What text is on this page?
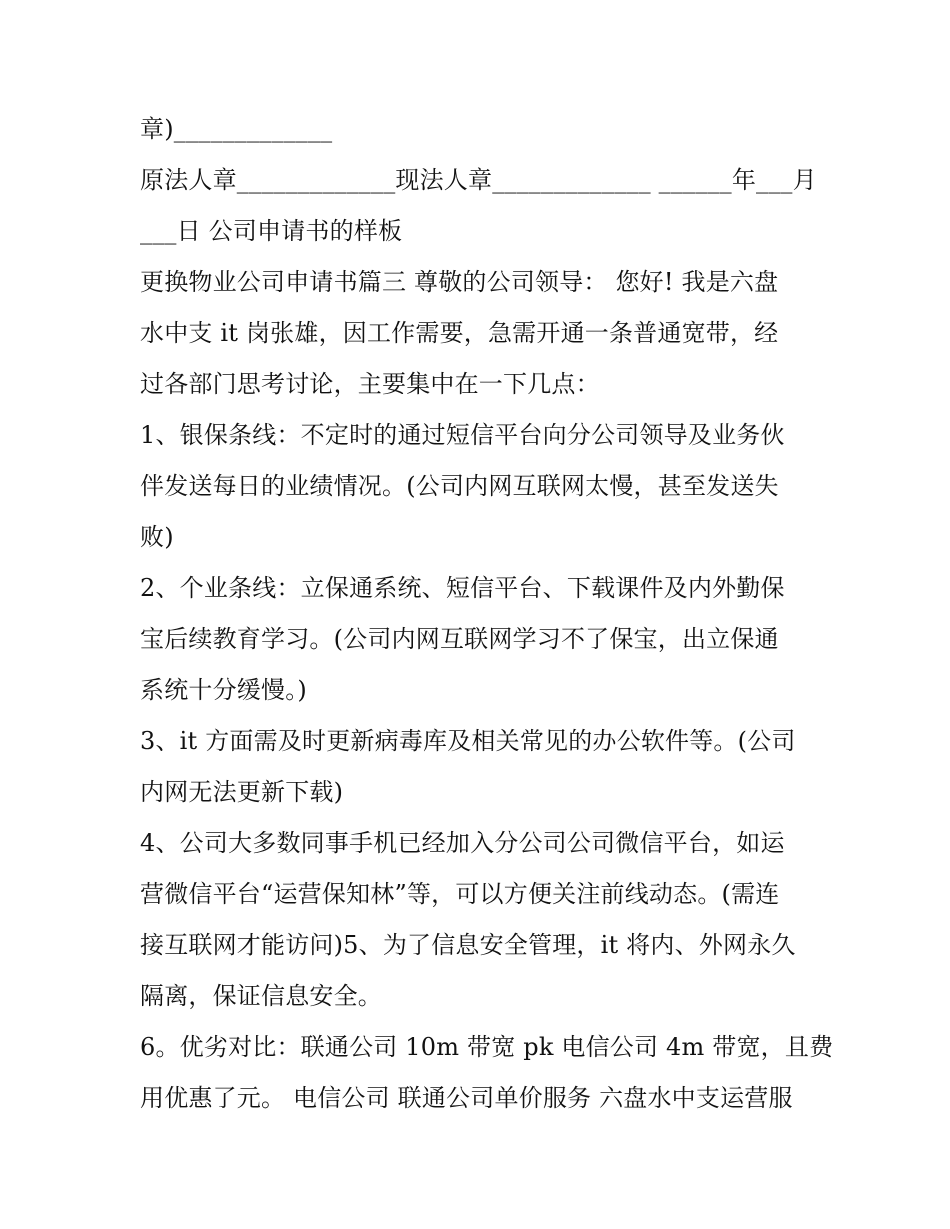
章)_____________
原法人章_____________现法人章_____________ ______年___月
___日 公司申请书的样板
更换物业公司申请书篇三 尊敬的公司领导： 您好! 我是六盘
水中支 it 岗张雄，因工作需要，急需开通一条普通宽带，经
过各部门思考讨论，主要集中在一下几点：
1、银保条线：不定时的通过短信平台向分公司领导及业务伙
伴发送每日的业绩情况。(公司内网互联网太慢，甚至发送失
败)
2、个业条线：立保通系统、短信平台、下载课件及内外勤保
宝后续教育学习。(公司内网互联网学习不了保宝，出立保通
系统十分缓慢。)
3、it 方面需及时更新病毒库及相关常见的办公软件等。(公司
内网无法更新下载)
4、公司大多数同事手机已经加入分公司公司微信平台，如运
营微信平台“运营保知林”等，可以方便关注前线动态。(需连
接互联网才能访问)5、为了信息安全管理，it 将内、外网永久
隔离，保证信息安全。
6。优劣对比：联通公司 10m 带宽 pk 电信公司 4m 带宽，且费
用优惠了元。 电信公司 联通公司单价服务 六盘水中支运营服
